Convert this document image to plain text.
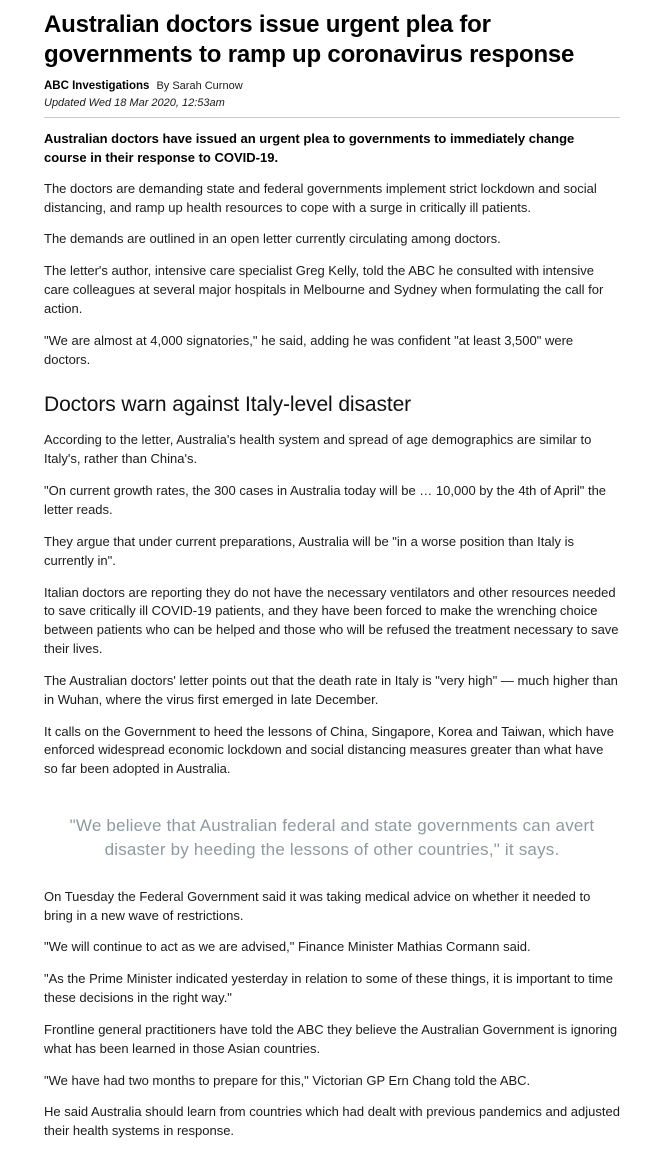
Australian doctors issue urgent plea for governments to ramp up coronavirus response
ABC Investigations By Sarah Curnow
Updated Wed 18 Mar 2020, 12:53am

Australian doctors have issued an urgent plea to governments to immediately change course in their response to COVID-19.

The doctors are demanding state and federal governments implement strict lockdown and social distancing, and ramp up health resources to cope with a surge in critically ill patients.

The demands are outlined in an open letter currently circulating among doctors.

The letter's author, intensive care specialist Greg Kelly, told the ABC he consulted with intensive care colleagues at several major hospitals in Melbourne and Sydney when formulating the call for action.

"We are almost at 4,000 signatories," he said, adding he was confident "at least 3,500" were doctors.

Doctors warn against Italy-level disaster

According to the letter, Australia's health system and spread of age demographics are similar to Italy's, rather than China's.

"On current growth rates, the 300 cases in Australia today will be … 10,000 by the 4th of April" the letter reads.

They argue that under current preparations, Australia will be "in a worse position than Italy is currently in".

Italian doctors are reporting they do not have the necessary ventilators and other resources needed to save critically ill COVID-19 patients, and they have been forced to make the wrenching choice between patients who can be helped and those who will be refused the treatment necessary to save their lives.

The Australian doctors' letter points out that the death rate in Italy is "very high" — much higher than in Wuhan, where the virus first emerged in late December.

It calls on the Government to heed the lessons of China, Singapore, Korea and Taiwan, which have enforced widespread economic lockdown and social distancing measures greater than what have so far been adopted in Australia.

"We believe that Australian federal and state governments can avert disaster by heeding the lessons of other countries," it says.

On Tuesday the Federal Government said it was taking medical advice on whether it needed to bring in a new wave of restrictions.

"We will continue to act as we are advised," Finance Minister Mathias Cormann said.

"As the Prime Minister indicated yesterday in relation to some of these things, it is important to time these decisions in the right way."

Frontline general practitioners have told the ABC they believe the Australian Government is ignoring what has been learned in those Asian countries.

"We have had two months to prepare for this," Victorian GP Ern Chang told the ABC.

He said Australia should learn from countries which had dealt with previous pandemics and adjusted their health systems in response.
